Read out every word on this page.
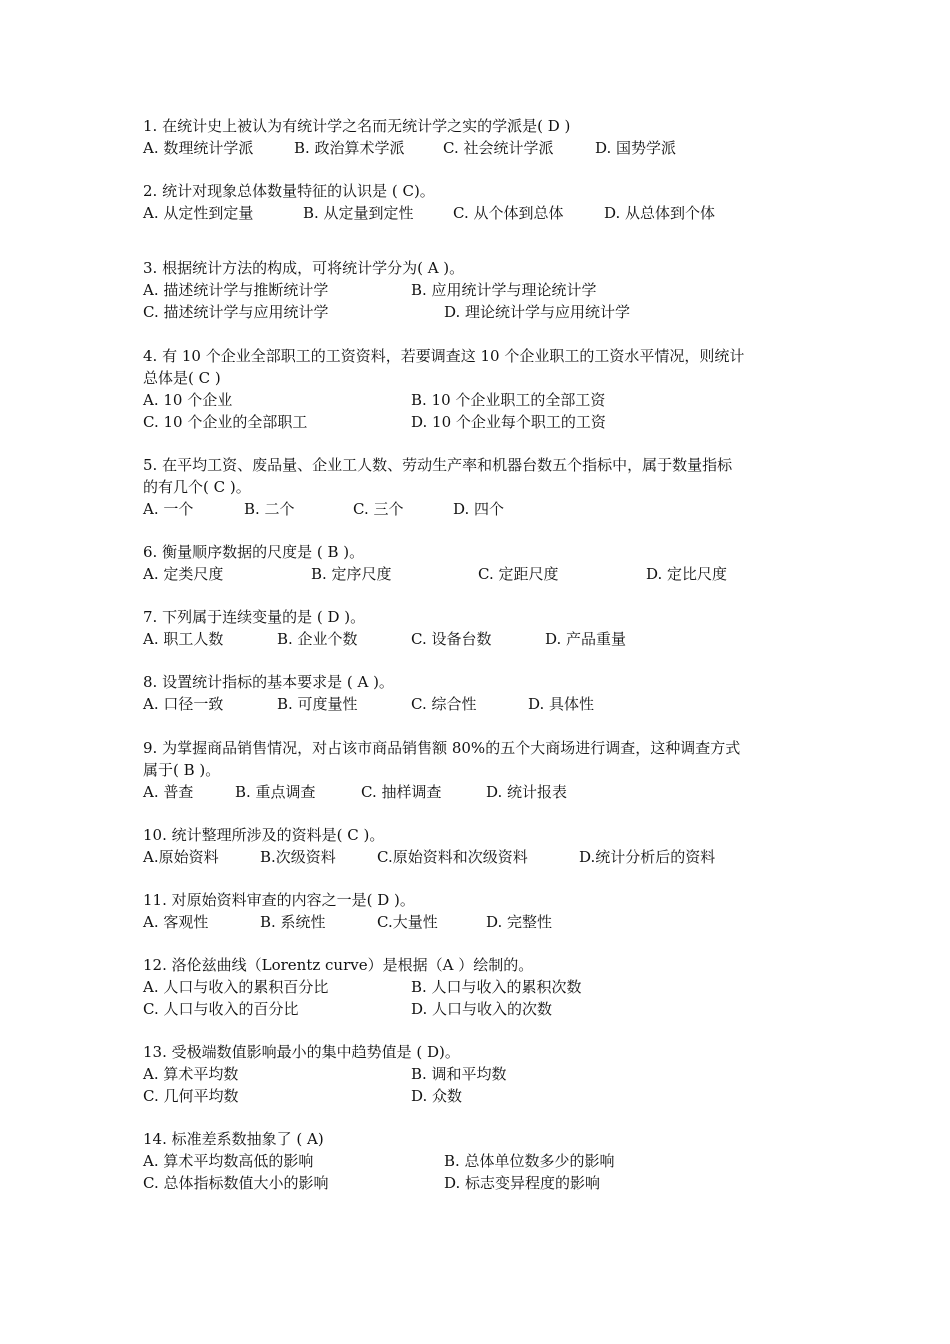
1. 在统计史上被认为有统计学之名而无统计学之实的学派是( D )

A. 数理统计学派

	B. 政治算术学派

	C. 社会统计学派

	D. 国势学派

2. 统计对现象总体数量特征的认识是 ( C)。

A. 从定性到定量

	B. 从定量到定性

	C. 从个体到总体

	D. 从总体到个体

3. 根据统计方法的构成，可将统计学分为( A )。

A. 描述统计学与推断统计学

	B. 应用统计学与理论统计学

C. 描述统计学与应用统计学

	D. 理论统计学与应用统计学

4. 有 10 个企业全部职工的工资资料，若要调查这 10 个企业职工的工资水平情况，则统计
总体是( C )

A. 10 个企业

	B. 10 个企业职工的全部工资

C. 10 个企业的全部职工

	D. 10 个企业每个职工的工资

5. 在平均工资、废品量、企业工人数、劳动生产率和机器台数五个指标中，属于数量指标
的有几个( C )。

A. 一个

	B. 二个

	C. 三个

	D. 四个

6. 衡量顺序数据的尺度是 ( B )。

A. 定类尺度

	B. 定序尺度

	C. 定距尺度

	D. 定比尺度

7. 下列属于连续变量的是 ( D )。

A. 职工人数

	B. 企业个数

	C. 设备台数

	D. 产品重量

8. 设置统计指标的基本要求是 ( A )。

A. 口径一致

	B. 可度量性

	C. 综合性

	D. 具体性

9. 为掌握商品销售情况，对占该市商品销售额 80%的五个大商场进行调查，这种调查方式
属于( B )。

A. 普查

	B. 重点调查

	C. 抽样调查

	D. 统计报表

10. 统计整理所涉及的资料是( C )。

A.原始资料

	B.次级资料

	C.原始资料和次级资料

	D.统计分析后的资料

11. 对原始资料审查的内容之一是( D )。

A. 客观性

	B. 系统性

	C.大量性

	D. 完整性

12. 洛伦兹曲线（Lorentz curve）是根据（A ）绘制的。

A. 人口与收入的累积百分比

	B. 人口与收入的累积次数

C. 人口与收入的百分比

	D. 人口与收入的次数

13. 受极端数值影响最小的集中趋势值是 ( D)。

A. 算术平均数

	B. 调和平均数

C. 几何平均数

	D. 众数

14. 标准差系数抽象了 ( A)

A. 算术平均数高低的影响

	B. 总体单位数多少的影响

C. 总体指标数值大小的影响

	D. 标志变异程度的影响
